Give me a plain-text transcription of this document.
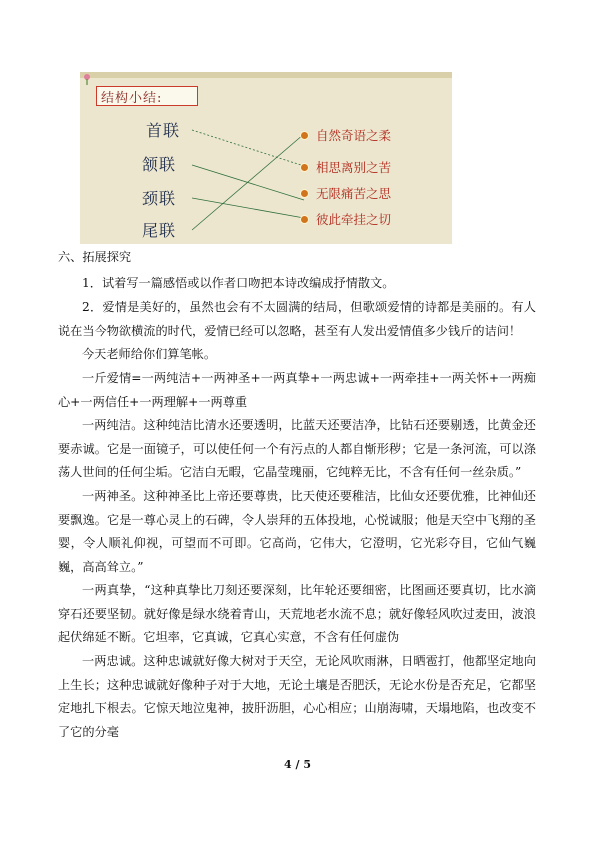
结构小结:
首联
颔联
颈联
尾联
自然奇语之柔
相思离别之苦
无限痛苦之思
彼此牵挂之切
六、拓展探究

1．试着写一篇感悟或以作者口吻把本诗改编成抒情散文。

2．爱情是美好的，虽然也会有不太圆满的结局，但歌颂爱情的诗都是美丽的。有人说在当今物欲横流的时代，爱情已经可以忽略，甚至有人发出爱情值多少钱斤的诘问！

今天老师给你们算笔帐。

一斤爱情=一两纯洁+一两神圣+一两真挚+一两忠诚+一两牵挂+一两关怀+一两痴心+一两信任+一两理解+一两尊重

一两纯洁。这种纯洁比清水还要透明，比蓝天还要洁净，比钻石还要剔透，比黄金还要赤诚。它是一面镜子，可以使任何一个有污点的人都自惭形秽；它是一条河流，可以涤荡人世间的任何尘垢。它洁白无暇，它晶莹瑰丽，它纯粹无比，不含有任何一丝杂质。”

一两神圣。这种神圣比上帝还要尊贵，比天使还要稚洁，比仙女还要优雅，比神仙还要飘逸。它是一尊心灵上的石碑，令人崇拜的五体投地，心悦诚服；他是天空中飞翔的圣婴，令人顺礼仰视，可望而不可即。它高尚，它伟大，它澄明，它光彩夺目，它仙气巍巍，高高耸立。”

一两真挚，“这种真挚比刀刻还要深刻，比年轮还要细密，比图画还要真切，比水滴穿石还要坚韧。就好像是绿水绕着青山，天荒地老水流不息；就好像轻风吹过麦田，波浪起伏绵延不断。它坦率，它真诚，它真心实意，不含有任何虚伪

一两忠诚。这种忠诚就好像大树对于天空，无论风吹雨淋，日晒雹打，他都坚定地向上生长；这种忠诚就好像种子对于大地，无论土壤是否肥沃，无论水份是否充足，它都坚定地扎下根去。它惊天地泣鬼神，披肝沥胆，心心相应；山崩海啸，天塌地陷，也改变不了它的分毫

4 / 5
